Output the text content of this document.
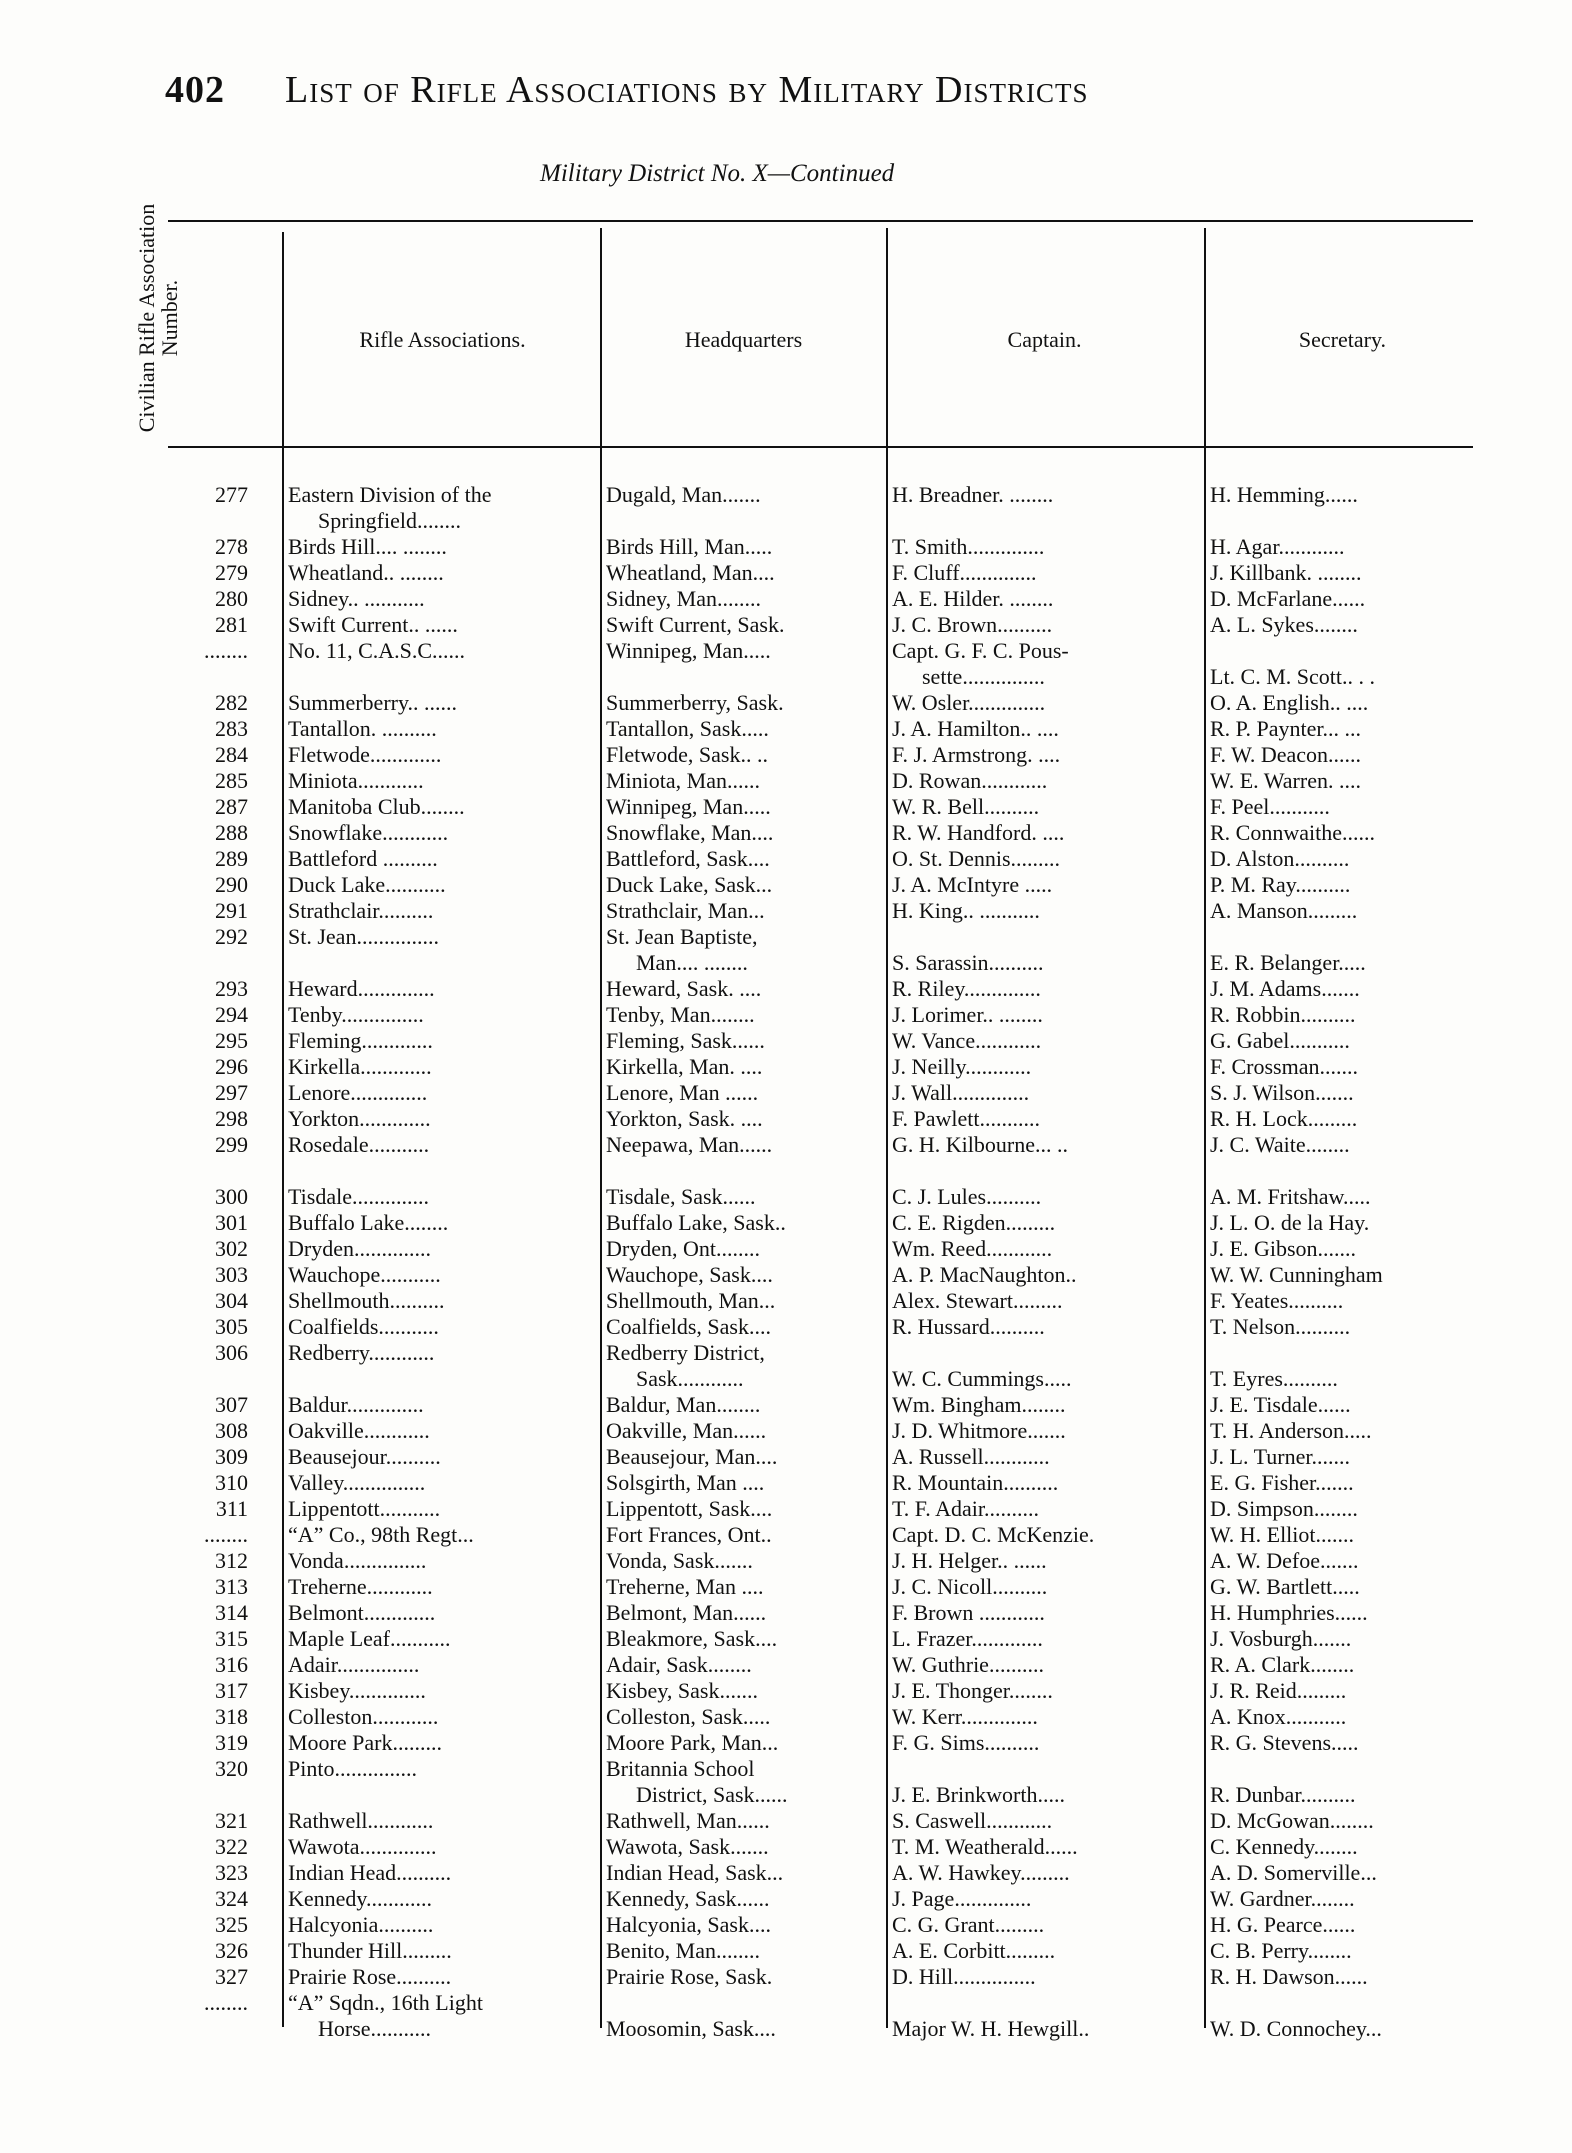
402 List of Rifle Associations by Military Districts
Military District No. X—Continued
Civilian Rifle Association Number.	Rifle Associations.	Headquarters	Captain.	Secretary.
277 Eastern Division of the	Dugald, Man.......	H. Breadner. ........	H. Hemming......
Springfield........
278 Birds Hill.... ........	Birds Hill, Man.....	T. Smith..............	H. Agar............
279 Wheatland.. ........	Wheatland, Man....	F. Cluff..............	J. Killbank. ........
280 Sidney.. ...........	Sidney, Man........	A. E. Hilder. ........	D. McFarlane......
281 Swift Current.. ......	Swift Current, Sask.	J. C. Brown..........	A. L. Sykes........
........ No. 11, C.A.S.C......	Winnipeg, Man.....	Capt. G. F. C. Pous-
sette...............	Lt. C. M. Scott.. . .
282 Summerberry.. ......	Summerberry, Sask.	W. Osler..............	O. A. English.. ....
283 Tantallon. ..........	Tantallon, Sask.....	J. A. Hamilton.. ....	R. P. Paynter... ...
284 Fletwode.............	Fletwode, Sask.. ..	F. J. Armstrong. ....	F. W. Deacon......
285 Miniota............	Miniota, Man......	D. Rowan............	W. E. Warren. ....
287 Manitoba Club........	Winnipeg, Man.....	W. R. Bell..........	F. Peel...........
288 Snowflake............	Snowflake, Man....	R. W. Handford. ....	R. Connwaithe......
289 Battleford ..........	Battleford, Sask....	O. St. Dennis.........	D. Alston..........
290 Duck Lake...........	Duck Lake, Sask...	J. A. McIntyre .....	P. M. Ray..........
291 Strathclair..........	Strathclair, Man...	H. King.. ...........	A. Manson.........
292 St. Jean...............	St. Jean Baptiste,
Man.... ........	S. Sarassin..........	E. R. Belanger.....
293 Heward..............	Heward, Sask. ....	R. Riley..............	J. M. Adams.......
294 Tenby...............	Tenby, Man........	J. Lorimer.. ........	R. Robbin..........
295 Fleming.............	Fleming, Sask......	W. Vance............	G. Gabel...........
296 Kirkella.............	Kirkella, Man. ....	J. Neilly............	F. Crossman.......
297 Lenore..............	Lenore, Man ......	J. Wall..............	S. J. Wilson.......
298 Yorkton.............	Yorkton, Sask. ....	F. Pawlett...........	R. H. Lock.........
299 Rosedale...........	Neepawa, Man......	G. H. Kilbourne... ..	J. C. Waite........
300 Tisdale..............	Tisdale, Sask......	C. J. Lules..........	A. M. Fritshaw.....
301 Buffalo Lake........	Buffalo Lake, Sask..	C. E. Rigden.........	J. L. O. de la Hay.
302 Dryden..............	Dryden, Ont........	Wm. Reed............	J. E. Gibson.......
303 Wauchope...........	Wauchope, Sask....	A. P. MacNaughton..	W. W. Cunningham
304 Shellmouth..........	Shellmouth, Man...	Alex. Stewart.........	F. Yeates..........
305 Coalfields...........	Coalfields, Sask....	R. Hussard..........	T. Nelson..........
306 Redberry............	Redberry District,
Sask............	W. C. Cummings.....	T. Eyres..........
307 Baldur..............	Baldur, Man........	Wm. Bingham........	J. E. Tisdale......
308 Oakville............	Oakville, Man......	J. D. Whitmore.......	T. H. Anderson.....
309 Beausejour..........	Beausejour, Man....	A. Russell............	J. L. Turner.......
310 Valley...............	Solsgirth, Man ....	R. Mountain..........	E. G. Fisher.......
311 Lippentott...........	Lippentott, Sask....	T. F. Adair..........	D. Simpson........
........ “A” Co., 98th Regt...	Fort Frances, Ont..	Capt. D. C. McKenzie.	W. H. Elliot.......
312 Vonda...............	Vonda, Sask.......	J. H. Helger.. ......	A. W. Defoe.......
313 Treherne............	Treherne, Man ....	J. C. Nicoll..........	G. W. Bartlett.....
314 Belmont.............	Belmont, Man......	F. Brown ............	H. Humphries......
315 Maple Leaf...........	Bleakmore, Sask....	L. Frazer.............	J. Vosburgh.......
316 Adair...............	Adair, Sask........	W. Guthrie..........	R. A. Clark........
317 Kisbey..............	Kisbey, Sask.......	J. E. Thonger........	J. R. Reid.........
318 Colleston............	Colleston, Sask.....	W. Kerr..............	A. Knox...........
319 Moore Park.........	Moore Park, Man...	F. G. Sims..........	R. G. Stevens.....
320 Pinto...............	Britannia School
District, Sask......	J. E. Brinkworth.....	R. Dunbar..........
321 Rathwell............	Rathwell, Man......	S. Caswell............	D. McGowan........
322 Wawota..............	Wawota, Sask.......	T. M. Weatherald......	C. Kennedy........
323 Indian Head..........	Indian Head, Sask...	A. W. Hawkey.........	A. D. Somerville...
324 Kennedy............	Kennedy, Sask......	J. Page..............	W. Gardner........
325 Halcyonia..........	Halcyonia, Sask....	C. G. Grant.........	H. G. Pearce......
326 Thunder Hill.........	Benito, Man........	A. E. Corbitt.........	C. B. Perry........
327 Prairie Rose..........	Prairie Rose, Sask.	D. Hill...............	R. H. Dawson......
........ “A” Sqdn., 16th Light
Horse...........	Moosomin, Sask....	Major W. H. Hewgill..	W. D. Connochey...
